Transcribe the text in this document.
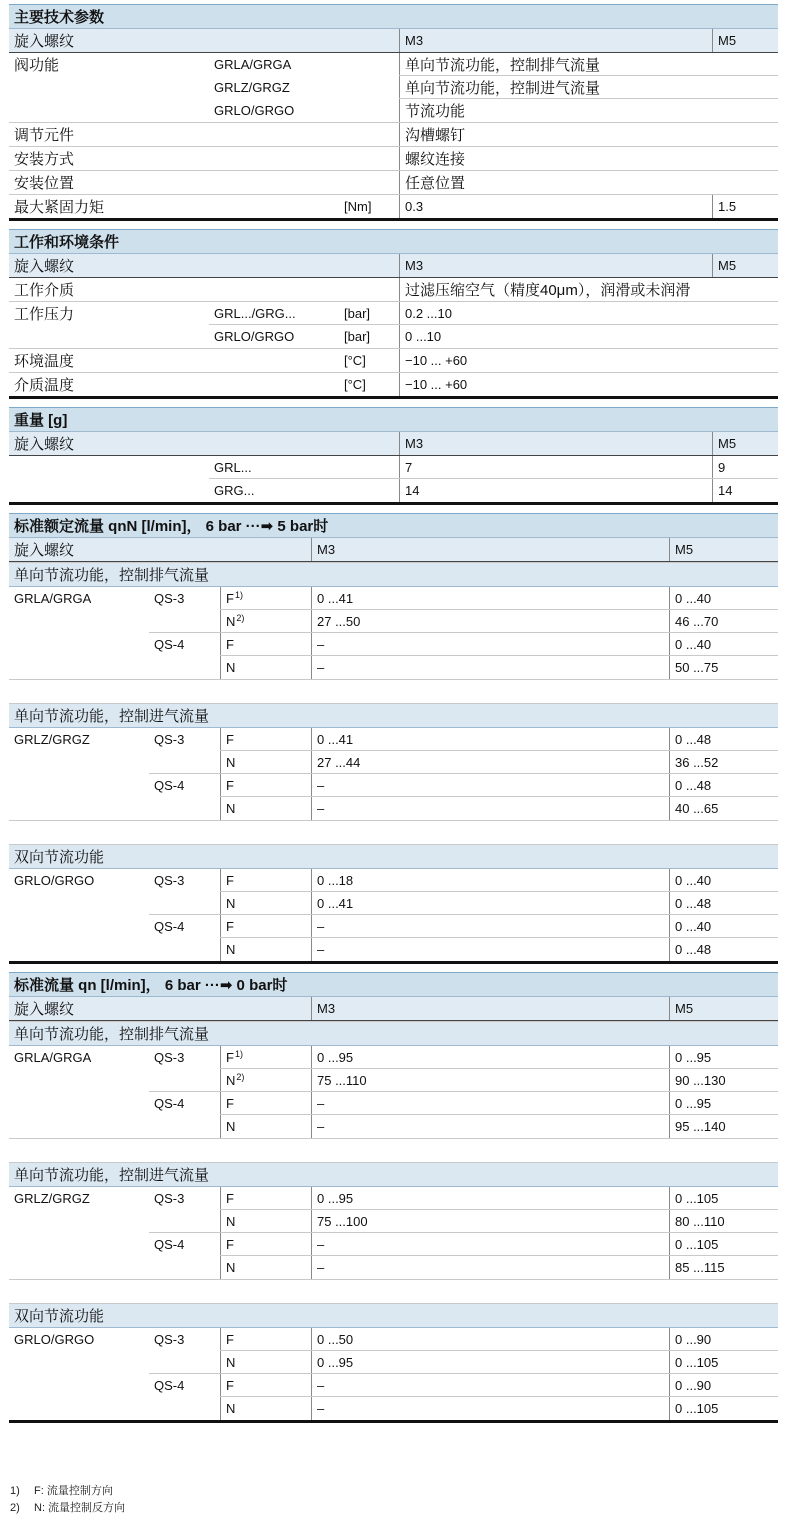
主要技术参数
旋入螺纹	M3	M5
阀功能	GRLA/GRGA	单向节流功能，控制排气流量
GRLZ/GRGZ	单向节流功能，控制进气流量
GRLO/GRGO	节流功能
调节元件	沟槽螺钉
安装方式	螺纹连接
安装位置	任意位置
最大紧固力矩	[Nm]	0.3	1.5
工作和环境条件
旋入螺纹	M3	M5
工作介质	过滤压缩空气（精度40μm），润滑或未润滑
工作压力	GRL.../GRG...	[bar]	0.2 ...10
GRLO/GRGO	[bar]	0 ...10
环境温度	[°C]	−10 ... +60
介质温度	[°C]	−10 ... +60
重量 [g]
旋入螺纹	M3	M5
GRL...	7	9
GRG...	14	14
标准额定流量 qnN [l/min]， 6 bar ···➡ 5 bar时
旋入螺纹	M3	M5
单向节流功能，控制排气流量
GRLA/GRGA	QS-3	$F^{1)}$	0 ...41	0 ...40
$N^{2)}$	27 ...50	46 ...70
QS-4	F	–	0 ...40
N	–	50 ...75
单向节流功能，控制进气流量
GRLZ/GRGZ	QS-3	F	0 ...41	0 ...48
N	27 ...44	36 ...52
QS-4	F	–	0 ...48
N	–	40 ...65
双向节流功能
GRLO/GRGO	QS-3	F	0 ...18	0 ...40
N	0 ...41	0 ...48
QS-4	F	–	0 ...40
N	–	0 ...48
标准流量 qn [l/min]， 6 bar ···➡ 0 bar时
旋入螺纹	M3	M5
单向节流功能，控制排气流量
GRLA/GRGA	QS-3	$F^{1)}$	0 ...95	0 ...95
$N^{2)}$	75 ...110	90 ...130
QS-4	F	–	0 ...95
N	–	95 ...140
单向节流功能，控制进气流量
GRLZ/GRGZ	QS-3	F	0 ...95	0 ...105
N	75 ...100	80 ...110
QS-4	F	–	0 ...105
N	–	85 ...115
双向节流功能
GRLO/GRGO	QS-3	F	0 ...50	0 ...90
N	0 ...95	0 ...105
QS-4	F	–	0 ...90
N	–	0 ...105
1) F: 流量控制方向
2) N: 流量控制反方向
